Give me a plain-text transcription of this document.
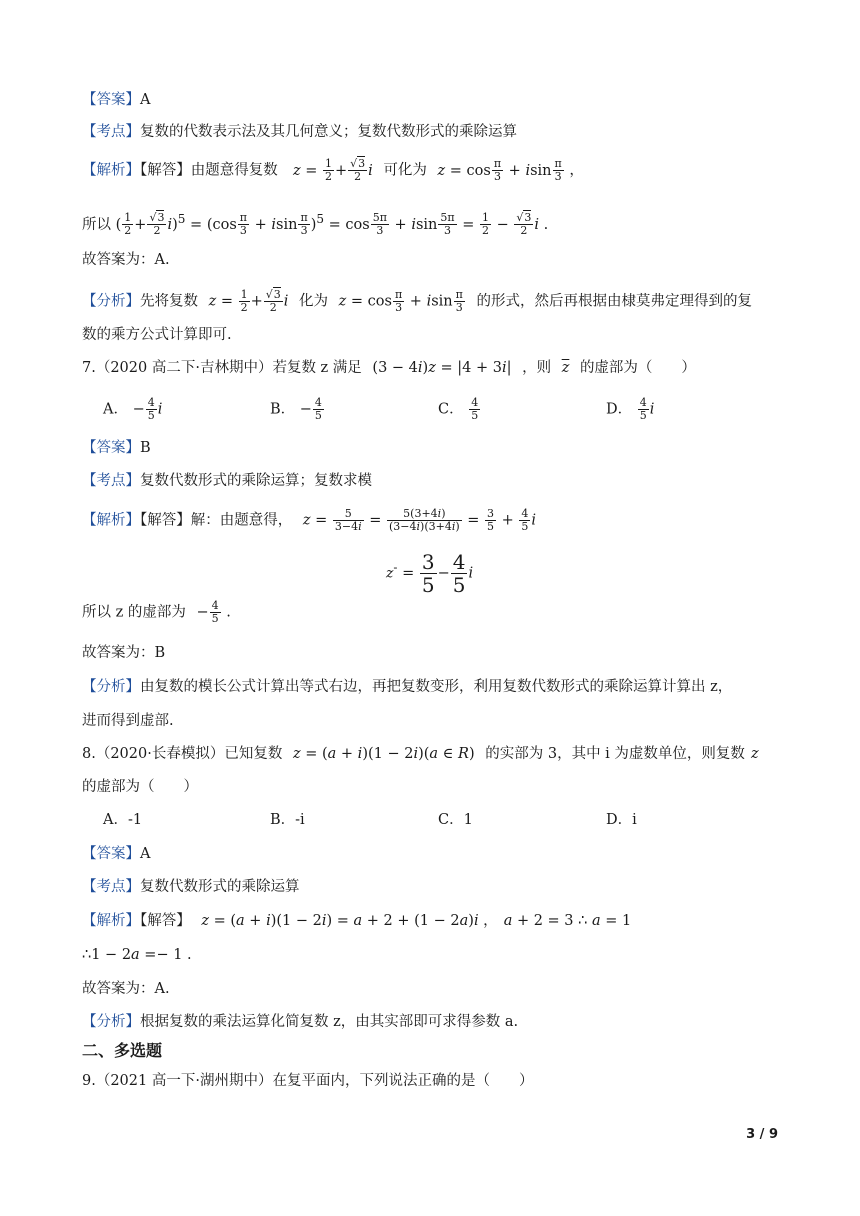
【答案】A
【考点】复数的代数表示法及其几何意义；复数代数形式的乘除运算
【解析】【解答】由题意得复数 $z = \frac{1}{2} + \frac{√3}{2}$ i 可化为 $z = \cos \frac{\pi}{3} + isin \frac{\pi}{3}$ ，
所以 ( $\frac{1}{2} + \frac{√3}{2} i)^5 = (\cos \frac{\pi}{3} + isin \frac{\pi}{3} )^5 = \cos \frac{5\pi}{3} + isin \frac{5\pi}{3} = \frac{1}{2} - \frac{√3}{2}$ i .
故答案为：A.
【分析】先将复数 $z = \frac{1}{2} + \frac{√3}{2}$ i 化为 $z = \cos \frac{\pi}{3} + isin \frac{\pi}{3}$ 的形式，然后再根据由棣莫弗定理得到的复
数的乘方公式计算即可.
7.（2020 高二下·吉林期中）若复数 z 满足 (3 − 4i)z = |4 + 3i| ，则 $\overline{z}$ 的虚部为（　　）
A． − $\frac{4}{5}$ i	B． − $\frac{4}{5}$	C． $\frac{4}{5}$	D． $\frac{4}{5}$ i
【答案】B
【考点】复数代数形式的乘除运算；复数求模
【解析】【解答】解：由题意得， $z = \frac{5}{3-4i} = \frac{5(3+4i)}{(3-4i)(3+4i)} = \frac{3}{5} + \frac{4}{5}$ i
$z^- = \frac{3}{5} - \frac{4}{5}$ i
所以 z 的虚部为 − $\frac{4}{5}$ .
故答案为：B
【分析】由复数的模长公式计算出等式右边，再把复数变形，利用复数代数形式的乘除运算计算出 z，
进而得到虚部.
8.（2020·长春模拟）已知复数 z = (a + i)(1 − 2i)(a ∈ R) 的实部为 3，其中 i 为虚数单位，则复数 z
的虚部为（　　）
A．-1	B．-i	C．1	D．i
【答案】A
【考点】复数代数形式的乘除运算
【解析】【解答】 z = (a + i)(1 − 2i) = a + 2 + (1 − 2a)i ， a + 2 = 3 ∴ a = 1
∴1 − 2a =− 1 .
故答案为：A.
【分析】根据复数的乘法运算化简复数 z，由其实部即可求得参数 a.
二、多选题
9.（2021 高一下·湖州期中）在复平面内，下列说法正确的是（　　）
3 / 9
